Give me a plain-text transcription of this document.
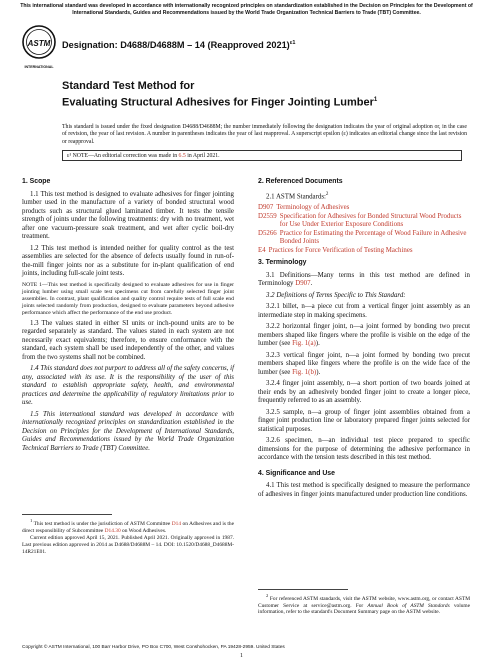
This international standard was developed in accordance with internationally recognized principles on standardization established in the Decision on Principles for the Development of International Standards, Guides and Recommendations issued by the World Trade Organization Technical Barriers to Trade (TBT) Committee.
ASTM
INTERNATIONAL
Designation: D4688/D4688M – 14 (Reapproved 2021)$^{\varepsilon 1}$
Standard Test Method for
Evaluating Structural Adhesives for Finger Jointing Lumber$^1$
This standard is issued under the fixed designation D4688/D4688M; the number immediately following the designation indicates the year of original adoption or, in the case of revision, the year of last revision. A number in parentheses indicates the year of last reapproval. A superscript epsilon (ε) indicates an editorial change since the last revision or reapproval.
ε¹ NOTE—An editorial correction was made in 6.5 in April 2021.
1. Scope

1.1 This test method is designed to evaluate adhesives for finger jointing lumber used in the manufacture of a variety of bonded structural wood products such as structural glued laminated timber. It tests the tensile strength of joints under the following treatments: dry with no treatment, wet after one vacuum-pressure soak treatment, and wet after cyclic boil-dry treatment.

1.2 This test method is intended neither for quality control as the test assemblies are selected for the absence of defects usually found in run-of-the-mill finger joints nor as a substitute for in-plant qualification of end joints, including full-scale joint tests.

NOTE 1—This test method is specifically designed to evaluate adhesives for use in finger jointing lumber using small scale test specimens cut from carefully selected finger joint assemblies. In contrast, plant qualification and quality control require tests of full scale end joints selected randomly from production, designed to evaluate parameters beyond adhesive performance which affect the performance of the end use product.

1.3 The values stated in either SI units or inch-pound units are to be regarded separately as standard. The values stated in each system are not necessarily exact equivalents; therefore, to ensure conformance with the standard, each system shall be used independently of the other, and values from the two systems shall not be combined.

1.4 This standard does not purport to address all of the safety concerns, if any, associated with its use. It is the responsibility of the user of this standard to establish appropriate safety, health, and environmental practices and determine the applicability of regulatory limitations prior to use.

1.5 This international standard was developed in accordance with internationally recognized principles on standardization established in the Decision on Principles for the Development of International Standards, Guides and Recommendations issued by the World Trade Organization Technical Barriers to Trade (TBT) Committee.

2. Referenced Documents

2.1 ASTM Standards:$^2$

D907 Terminology of Adhesives
D2559 Specification for Adhesives for Bonded Structural Wood Products for Use Under Exterior Exposure Conditions
D5266 Practice for Estimating the Percentage of Wood Failure in Adhesive Bonded Joints
E4 Practices for Force Verification of Testing Machines
3. Terminology

3.1 Definitions—Many terms in this test method are defined in Terminology D907.

3.2 Definitions of Terms Specific to This Standard:

3.2.1 billet, n—a piece cut from a vertical finger joint assembly as an intermediate step in making specimens.

3.2.2 horizontal finger joint, n—a joint formed by bonding two precut members shaped like fingers where the profile is visible on the edge of the lumber (see Fig. 1(a)).

3.2.3 vertical finger joint, n—a joint formed by bonding two precut members shaped like fingers where the profile is on the wide face of the lumber (see Fig. 1(b)).

3.2.4 finger joint assembly, n—a short portion of two boards joined at their ends by an adhesively bonded finger joint to create a longer piece, frequently referred to as an assembly.

3.2.5 sample, n—a group of finger joint assemblies obtained from a finger joint production line or laboratory prepared finger joints selected for statistical purposes.

3.2.6 specimen, n—an individual test piece prepared to specific dimensions for the purpose of determining the adhesive performance in accordance with the tension tests described in this test method.

4. Significance and Use

4.1 This test method is specifically designed to measure the performance of adhesives in finger joints manufactured under production line conditions.

$^1$ This test method is under the jurisdiction of ASTM Committee D14 on Adhesives and is the direct responsibility of Subcommittee D14.30 on Wood Adhesives.

Current edition approved April 15, 2021. Published April 2021. Originally approved in 1987. Last previous edition approved in 2014 as D4688/D4688M – 14. DOI: 10.1520/D4688_D4688M-14R21E01.

$^2$ For referenced ASTM standards, visit the ASTM website, www.astm.org, or contact ASTM Customer Service at service@astm.org. For Annual Book of ASTM Standards volume information, refer to the standard's Document Summary page on the ASTM website.

Copyright © ASTM International, 100 Barr Harbor Drive, PO Box C700, West Conshohocken, PA 19428-2959. United States
1
